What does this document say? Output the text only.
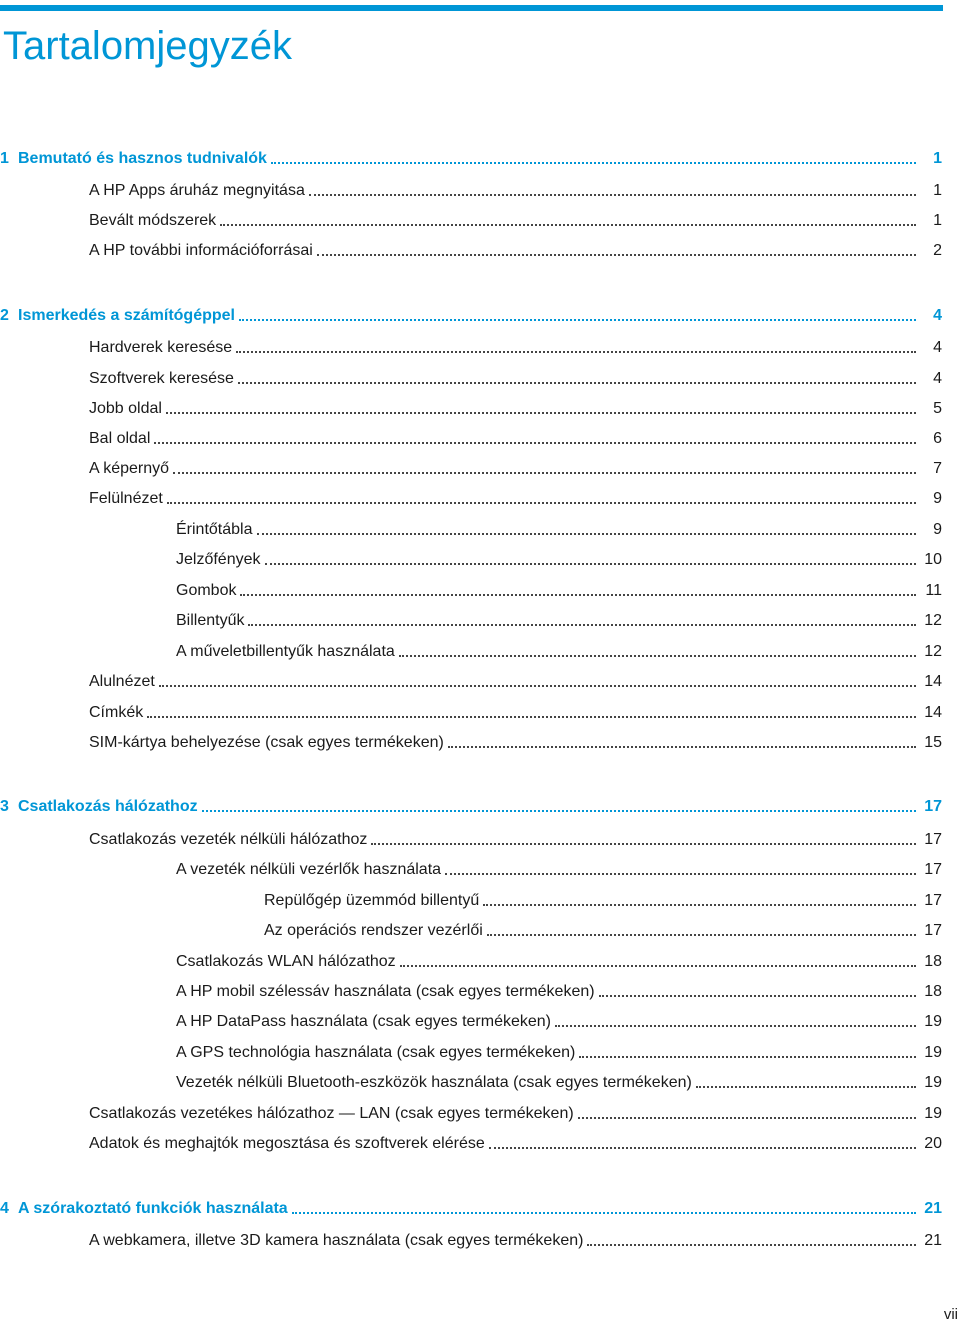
Tartalomjegyzék
1 Bemutató és hasznos tudnivalók	1
A HP Apps áruház megnyitása	1
Bevált módszerek	1
A HP további információforrásai	2
2 Ismerkedés a számítógéppel	4
Hardverek keresése	4
Szoftverek keresése	4
Jobb oldal	5
Bal oldal	6
A képernyő	7
Felülnézet	9
Érintőtábla	9
Jelzőfények	10
Gombok	11
Billentyűk	12
A műveletbillentyűk használata	12
Alulnézet	14
Címkék	14
SIM-kártya behelyezése (csak egyes termékeken)	15
3 Csatlakozás hálózathoz	17
Csatlakozás vezeték nélküli hálózathoz	17
A vezeték nélküli vezérlők használata	17
Repülőgép üzemmód billentyű	17
Az operációs rendszer vezérlői	17
Csatlakozás WLAN hálózathoz	18
A HP mobil szélessáv használata (csak egyes termékeken)	18
A HP DataPass használata (csak egyes termékeken)	19
A GPS technológia használata (csak egyes termékeken)	19
Vezeték nélküli Bluetooth-eszközök használata (csak egyes termékeken)	19
Csatlakozás vezetékes hálózathoz — LAN (csak egyes termékeken)	19
Adatok és meghajtók megosztása és szoftverek elérése	20
4 A szórakoztató funkciók használata	21
A webkamera, illetve 3D kamera használata (csak egyes termékeken)	21
vii
